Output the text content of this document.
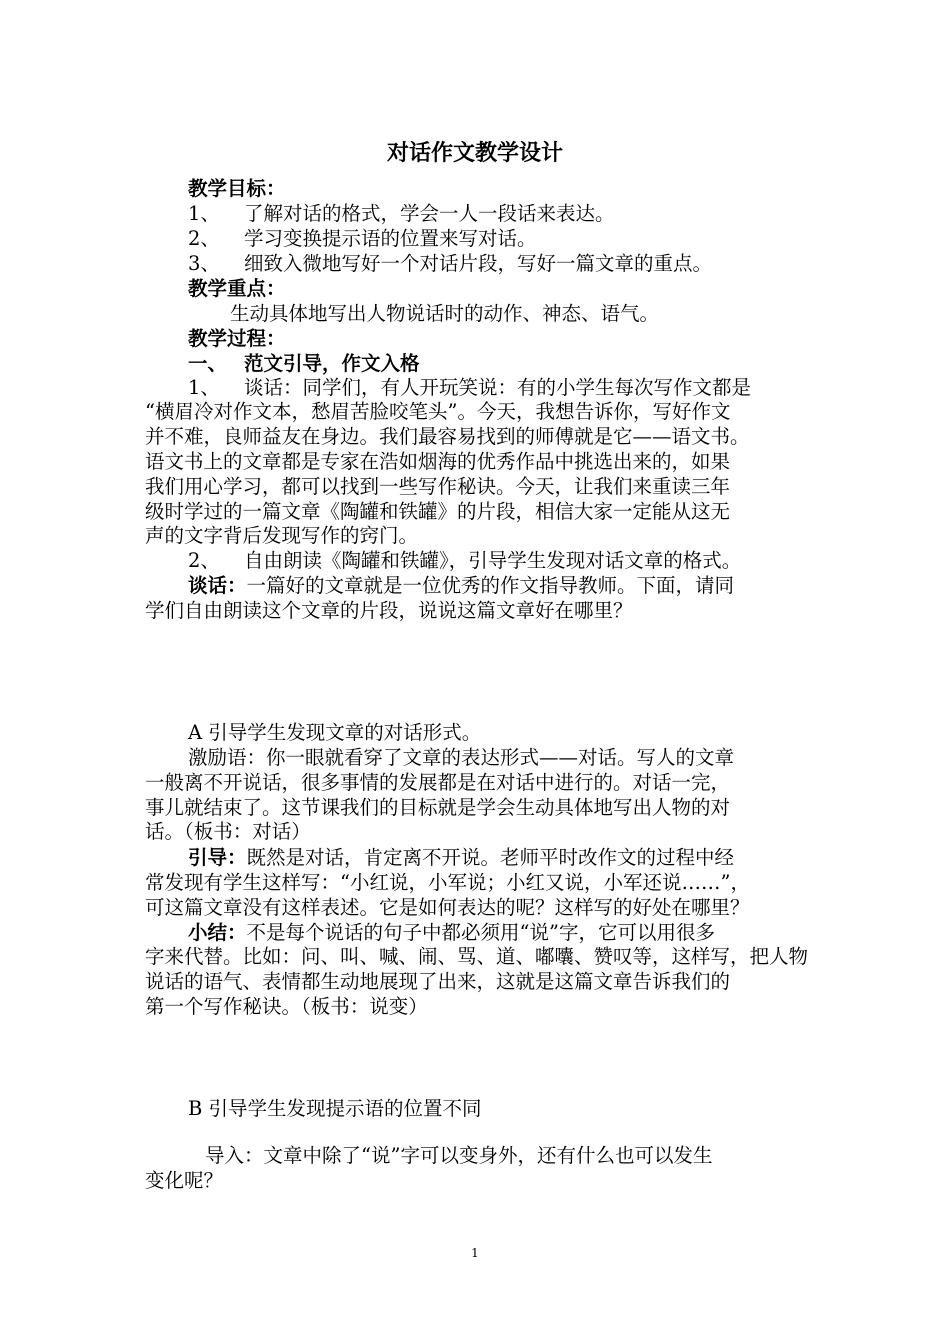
对话作文教学设计
教学目标：
1、 了解对话的格式，学会一人一段话来表达。
2、 学习变换提示语的位置来写对话。
3、 细致入微地写好一个对话片段，写好一篇文章的重点。
教学重点：
生动具体地写出人物说话时的动作、神态、语气。
教学过程：
一、 范文引导，作文入格
1、 谈话：同学们，有人开玩笑说：有的小学生每次写作文都是
“横眉冷对作文本，愁眉苦脸咬笔头”。今天，我想告诉你，写好作文
并不难，良师益友在身边。我们最容易找到的师傅就是它——语文书。
语文书上的文章都是专家在浩如烟海的优秀作品中挑选出来的，如果
我们用心学习，都可以找到一些写作秘诀。今天，让我们来重读三年
级时学过的一篇文章《陶罐和铁罐》的片段，相信大家一定能从这无
声的文字背后发现写作的窍门。
2、 自由朗读《陶罐和铁罐》，引导学生发现对话文章的格式。
谈话：一篇好的文章就是一位优秀的作文指导教师。下面，请同
学们自由朗读这个文章的片段，说说这篇文章好在哪里？
A 引导学生发现文章的对话形式。
激励语：你一眼就看穿了文章的表达形式——对话。写人的文章
一般离不开说话，很多事情的发展都是在对话中进行的。对话一完，
事儿就结束了。这节课我们的目标就是学会生动具体地写出人物的对
话。（板书：对话）
引导：既然是对话，肯定离不开说。老师平时改作文的过程中经
常发现有学生这样写：“小红说，小军说；小红又说，小军还说……”，
可这篇文章没有这样表述。它是如何表达的呢？这样写的好处在哪里？
小结：不是每个说话的句子中都必须用“说”字，它可以用很多
字来代替。比如：问、叫、喊、闹、骂、道、嘟囔、赞叹等，这样写，把人物
说话的语气、表情都生动地展现了出来，这就是这篇文章告诉我们的
第一个写作秘诀。（板书：说变）
B 引导学生发现提示语的位置不同
导入：文章中除了“说”字可以变身外，还有什么也可以发生
变化呢？
1
